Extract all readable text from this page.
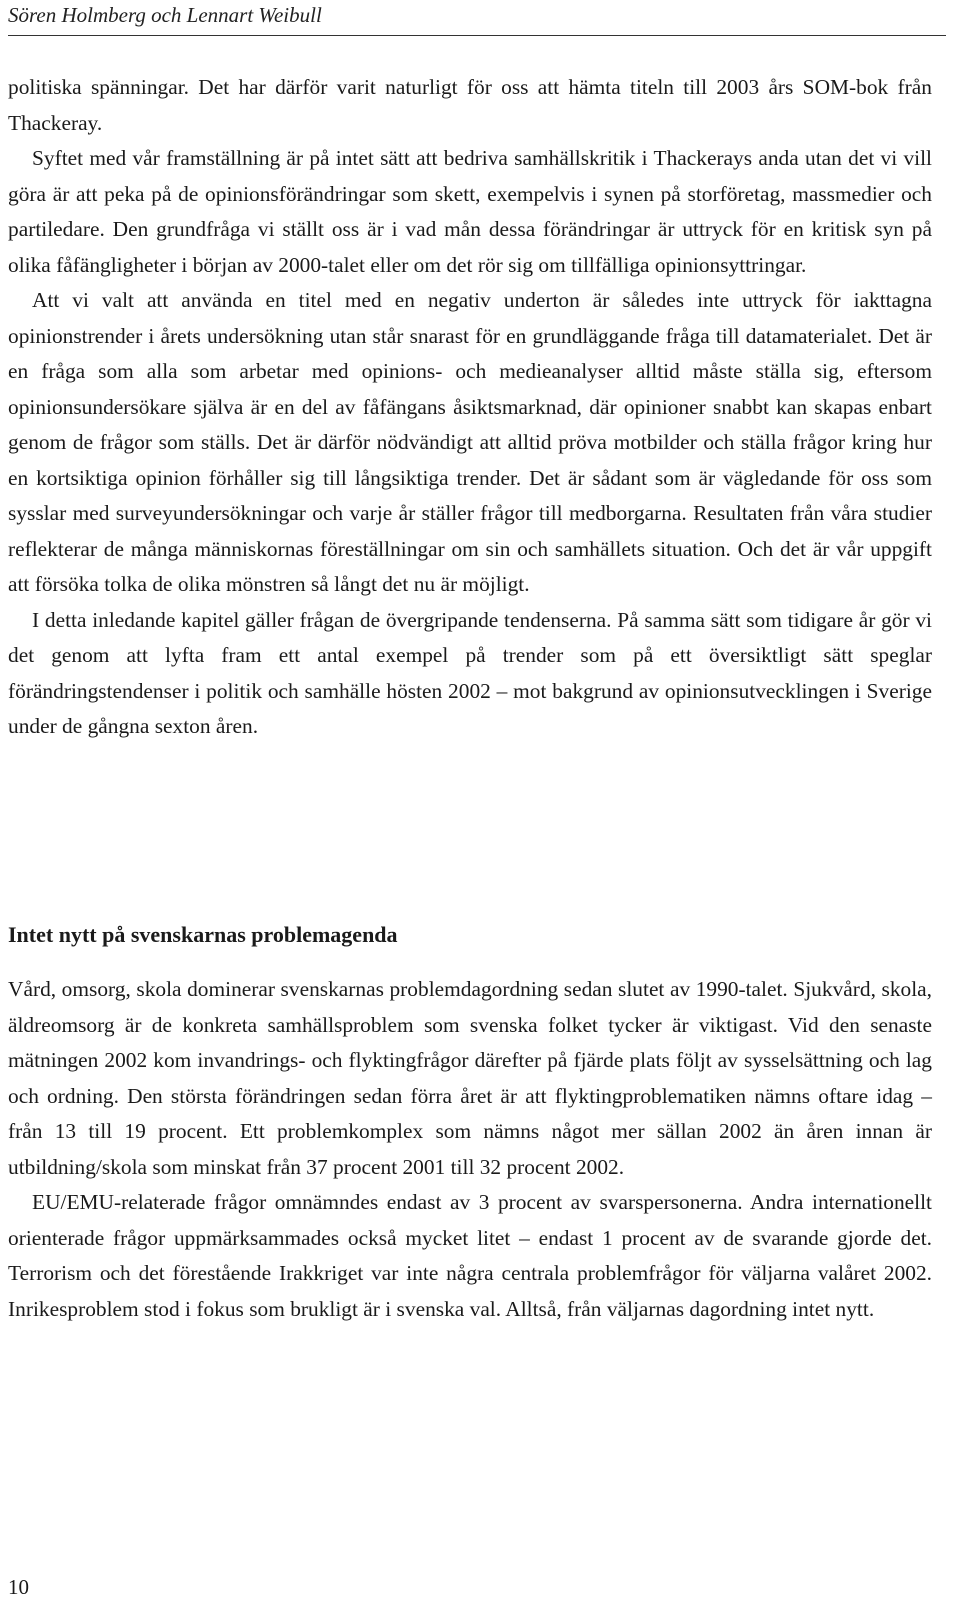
Sören Holmberg och Lennart Weibull

politiska spänningar. Det har därför varit naturligt för oss att hämta titeln till 2003 års SOM-bok från Thackeray.

Syftet med vår framställning är på intet sätt att bedriva samhällskritik i Thackerays anda utan det vi vill göra är att peka på de opinionsförändringar som skett, exempelvis i synen på storföretag, massmedier och partiledare. Den grundfråga vi ställt oss är i vad mån dessa förändringar är uttryck för en kritisk syn på olika fåfängligheter i början av 2000-talet eller om det rör sig om tillfälliga opinionsyttringar.

Att vi valt att använda en titel med en negativ underton är således inte uttryck för iakttagna opinionstrender i årets undersökning utan står snarast för en grundläggande fråga till datamaterialet. Det är en fråga som alla som arbetar med opinions- och medieanalyser alltid måste ställa sig, eftersom opinionsundersökare själva är en del av fåfängans åsiktsmarknad, där opinioner snabbt kan skapas enbart genom de frågor som ställs. Det är därför nödvändigt att alltid pröva motbilder och ställa frågor kring hur en kortsiktiga opinion förhåller sig till långsiktiga trender. Det är sådant som är vägledande för oss som sysslar med surveyundersökningar och varje år ställer frågor till medborgarna. Resultaten från våra studier reflekterar de många människornas föreställningar om sin och samhällets situation. Och det är vår uppgift att försöka tolka de olika mönstren så långt det nu är möjligt.

I detta inledande kapitel gäller frågan de övergripande tendenserna. På samma sätt som tidigare år gör vi det genom att lyfta fram ett antal exempel på trender som på ett översiktligt sätt speglar förändringstendenser i politik och samhälle hösten 2002 – mot bakgrund av opinionsutvecklingen i Sverige under de gångna sexton åren.

Intet nytt på svenskarnas problemagenda

Vård, omsorg, skola dominerar svenskarnas problemdagordning sedan slutet av 1990-talet. Sjukvård, skola, äldreomsorg är de konkreta samhällsproblem som svenska folket tycker är viktigast. Vid den senaste mätningen 2002 kom invandrings- och flyktingfrågor därefter på fjärde plats följt av sysselsättning och lag och ordning. Den största förändringen sedan förra året är att flyktingproblematiken nämns oftare idag – från 13 till 19 procent. Ett problemkomplex som nämns något mer sällan 2002 än åren innan är utbildning/skola som minskat från 37 procent 2001 till 32 procent 2002.

EU/EMU-relaterade frågor omnämndes endast av 3 procent av svarspersonerna. Andra internationellt orienterade frågor uppmärksammades också mycket litet – endast 1 procent av de svarande gjorde det. Terrorism och det förestående Irakkriget var inte några centrala problemfrågor för väljarna valåret 2002. Inrikesproblem stod i fokus som brukligt är i svenska val. Alltså, från väljarnas dagordning intet nytt.

10
